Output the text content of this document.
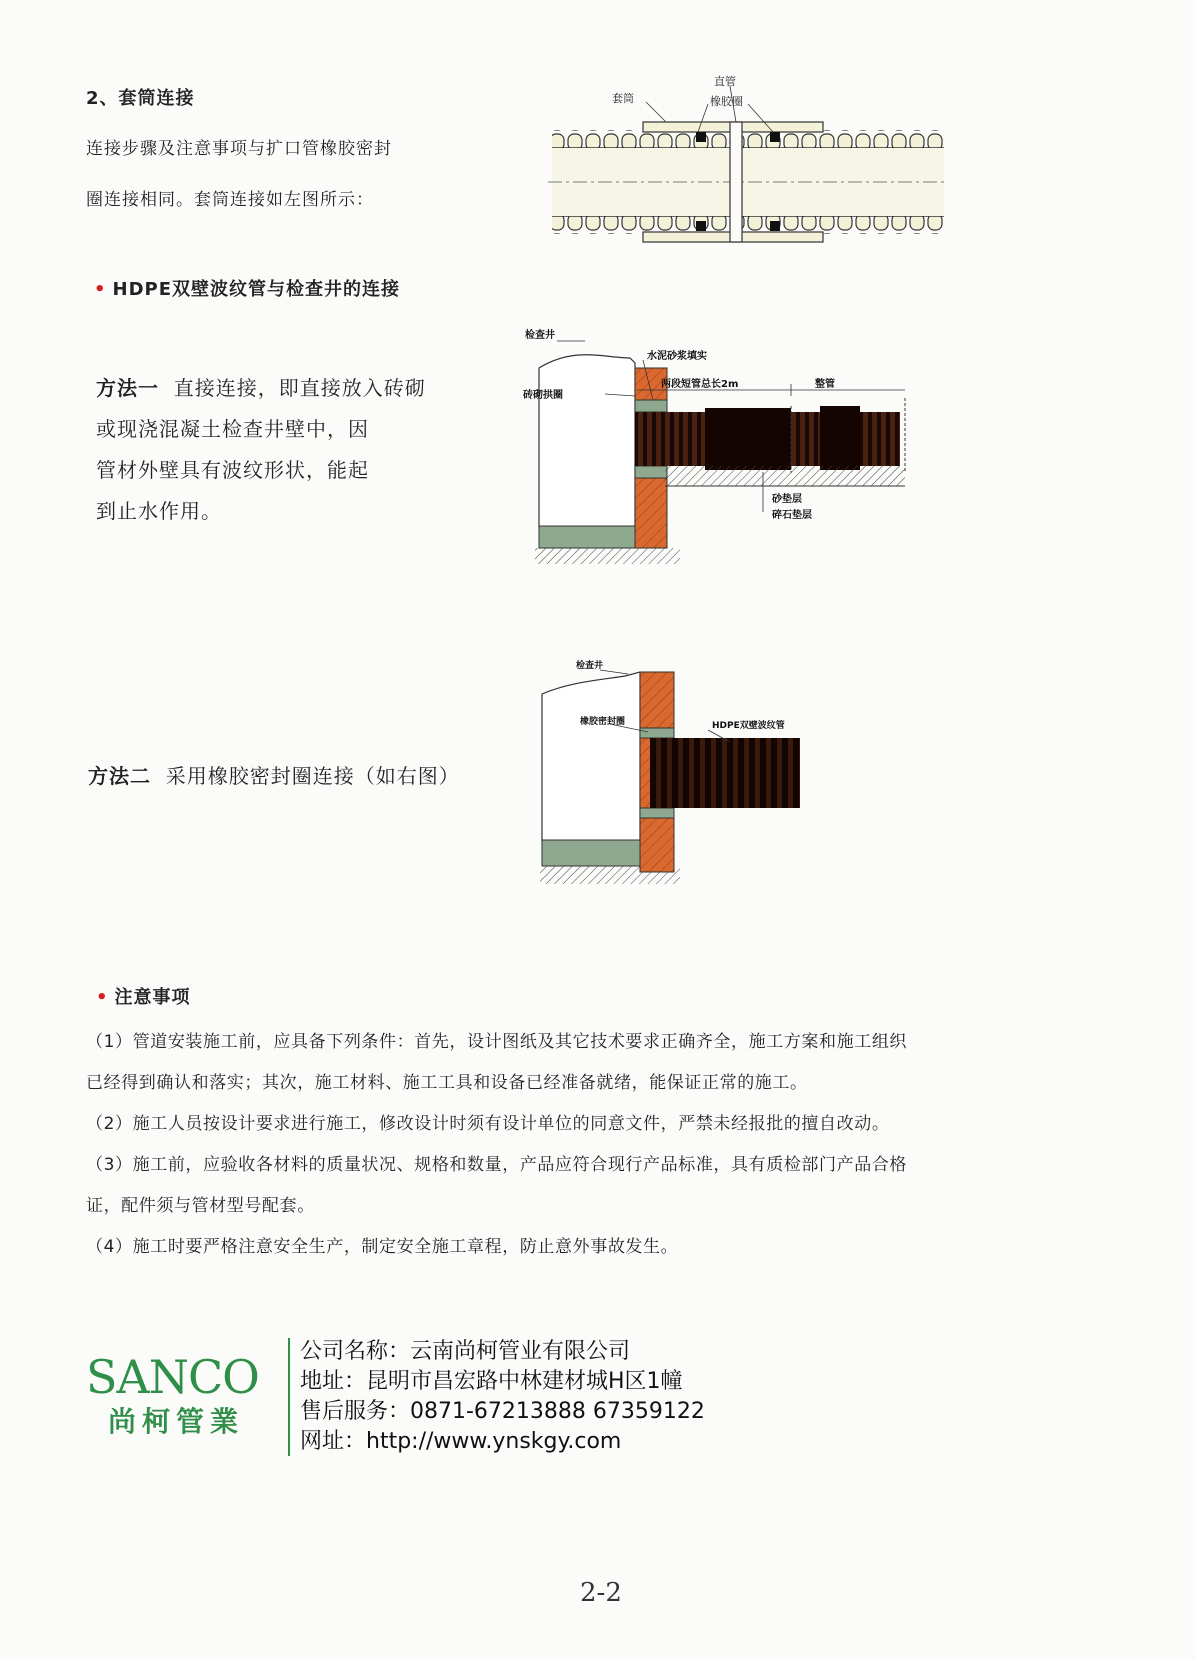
2、套筒连接
连接步骤及注意事项与扩口管橡胶密封
圈连接相同。套筒连接如左图所示：
套筒
直管
橡胶圈
• HDPE双壁波纹管与检查井的连接
方法一 直接连接，即直接放入砖砌
或现浇混凝土检查井壁中，因
管材外壁具有波纹形状，能起
到止水作用。
检查井
水泥砂浆填实
砖砌拱圈
两段短管总长2m	整管
砂垫层
碎石垫层
检查井
橡胶密封圈	HDPE双壁波纹管
方法二 采用橡胶密封圈连接（如右图）
• 注意事项
（1）管道安装施工前，应具备下列条件：首先，设计图纸及其它技术要求正确齐全，施工方案和施工组织
已经得到确认和落实；其次，施工材料、施工工具和设备已经准备就绪，能保证正常的施工。
（2）施工人员按设计要求进行施工，修改设计时须有设计单位的同意文件，严禁未经报批的擅自改动。
（3）施工前，应验收各材料的质量状况、规格和数量，产品应符合现行产品标准，具有质检部门产品合格
证，配件须与管材型号配套。
（4）施工时要严格注意安全生产，制定安全施工章程，防止意外事故发生。
SANCO
尚柯管業
公司名称：云南尚柯管业有限公司
地址：昆明市昌宏路中林建材城H区1幢
售后服务：0871-67213888 67359122
网址：http://www.ynskgy.com
2-2
